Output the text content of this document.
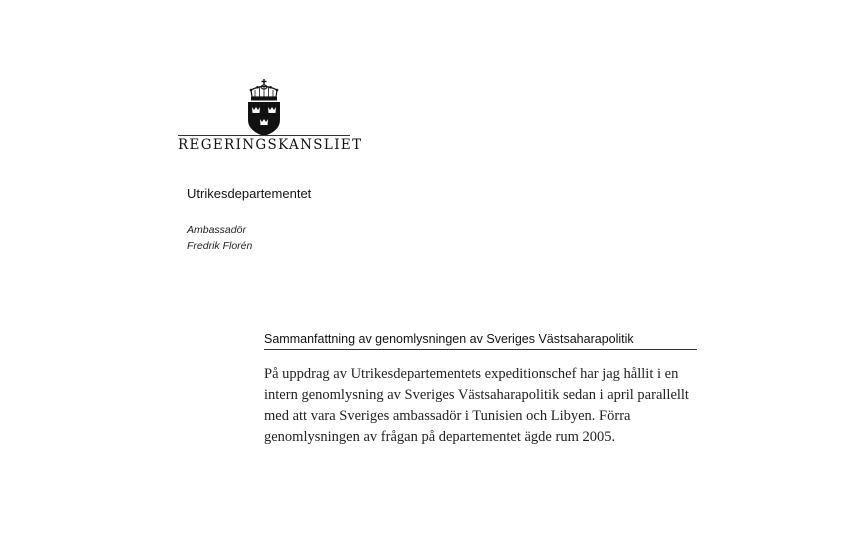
REGERINGSKANSLIET
Utrikesdepartementet
Ambassadör
Fredrik Florén
Sammanfattning av genomlysningen av Sveriges Västsaharapolitik
På uppdrag av Utrikesdepartementets expeditionschef har jag hållit i en
intern genomlysning av Sveriges Västsaharapolitik sedan i april parallellt
med att vara Sveriges ambassadör i Tunisien och Libyen. Förra
genomlysningen av frågan på departementet ägde rum 2005.
